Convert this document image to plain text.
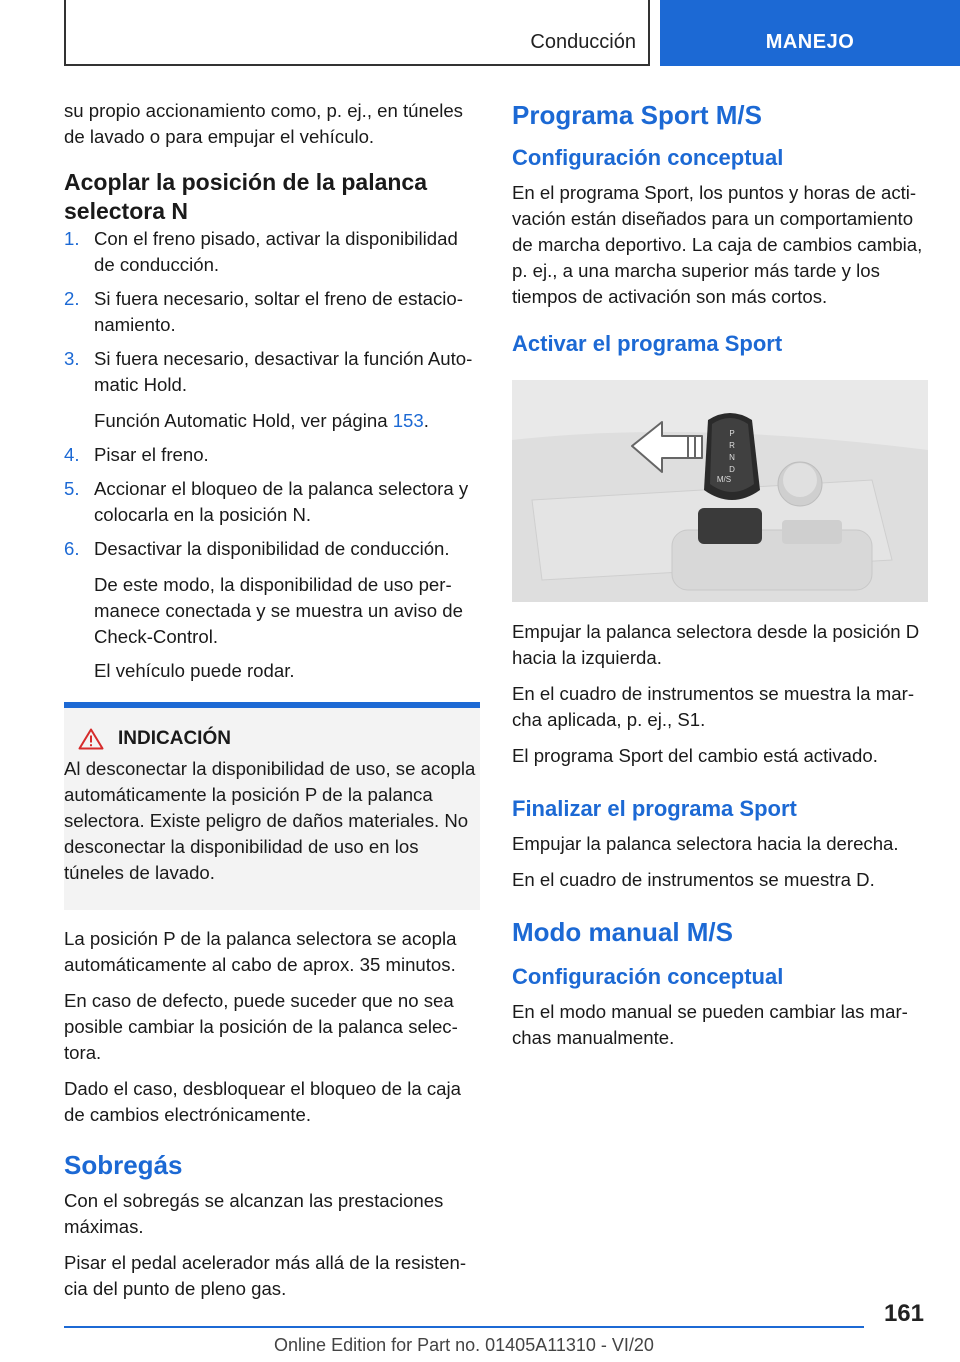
Conducción	MANEJO

su propio accionamiento como, p. ej., en túneles de lavado o para empujar el vehículo.

Acoplar la posición de la palanca selectora N
1. Con el freno pisado, activar la disponibilidad de conducción.
2. Si fuera necesario, soltar el freno de estacionamiento.
3. Si fuera necesario, desactivar la función Automatic Hold.

Función Automatic Hold, ver página 153.

4. Pisar el freno.
5. Accionar el bloqueo de la palanca selectora y colocarla en la posición N.
6. Desactivar la disponibilidad de conducción.

De este modo, la disponibilidad de uso permanece conectada y se muestra un aviso de Check-Control.

El vehículo puede rodar.

INDICACIÓN

Al desconectar la disponibilidad de uso, se acopla automáticamente la posición P de la palanca selectora. Existe peligro de daños materiales. No desconectar la disponibilidad de uso en los túneles de lavado.

La posición P de la palanca selectora se acopla automáticamente al cabo de aprox. 35 minutos.

En caso de defecto, puede suceder que no sea posible cambiar la posición de la palanca selectora.

Dado el caso, desbloquear el bloqueo de la caja de cambios electrónicamente.

Sobregás

Con el sobregás se alcanzan las prestaciones máximas.

Pisar el pedal acelerador más allá de la resistencia del punto de pleno gas.

Programa Sport M/S
Configuración conceptual

En el programa Sport, los puntos y horas de activación están diseñados para un comportamiento de marcha deportivo. La caja de cambios cambia, p. ej., a una marcha superior más tarde y los tiempos de activación son más cortos.

Activar el programa Sport
P
R
N
D
M/S

Empujar la palanca selectora desde la posición D hacia la izquierda.

En el cuadro de instrumentos se muestra la marcha aplicada, p. ej., S1.

El programa Sport del cambio está activado.

Finalizar el programa Sport

Empujar la palanca selectora hacia la derecha.

En el cuadro de instrumentos se muestra D.

Modo manual M/S
Configuración conceptual

En el modo manual se pueden cambiar las marchas manualmente.

161
Online Edition for Part no. 01405A11310 - VI/20
